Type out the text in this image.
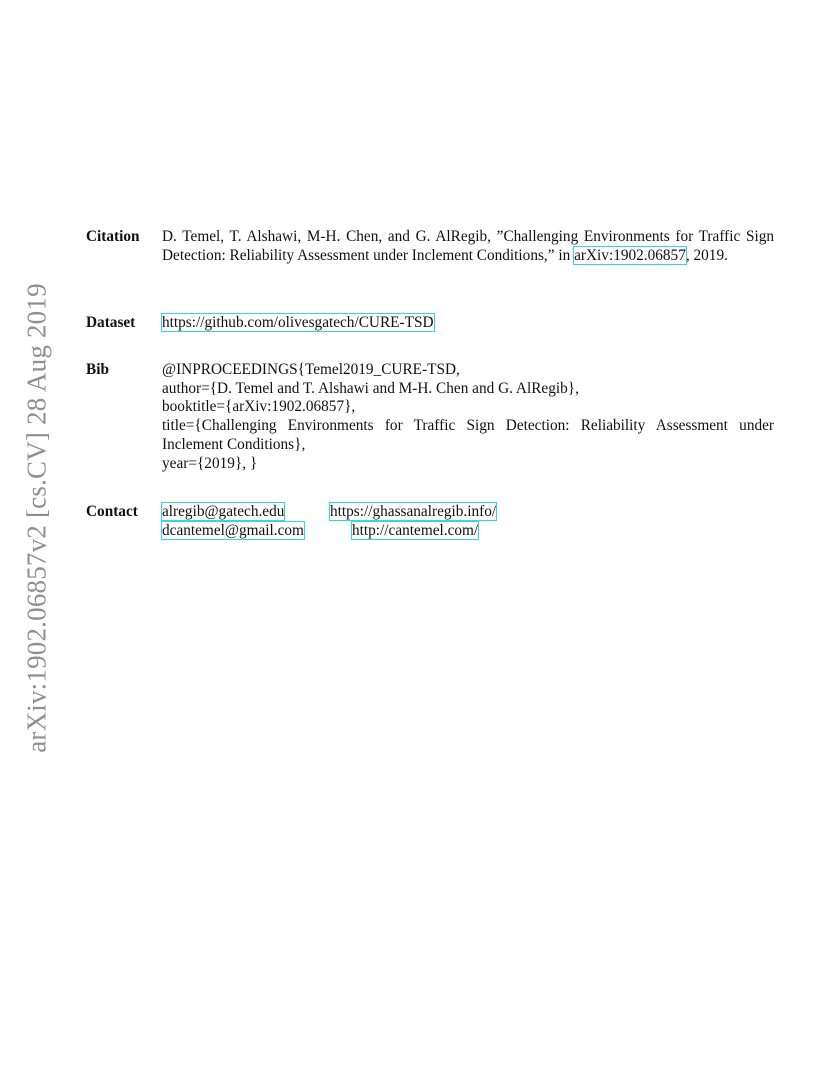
arXiv:1902.06857v2 [cs.CV] 28 Aug 2019
Citation D. Temel, T. Alshawi, M-H. Chen, and G. AlRegib, ”Challenging Environments for Traffic Sign Detection: Reliability Assessment under Inclement Conditions,” in arXiv:1902.06857, 2019.
Dataset https://github.com/olivesgatech/CURE-TSD
Bib	@INPROCEEDINGS{Temel2019_CURE-TSD,
author={D. Temel and T. Alshawi and M-H. Chen and G. AlRegib},
booktitle={arXiv:1902.06857},
title={Challenging Environments for Traffic Sign Detection: Reliability Assessment under
Inclement Conditions},
year={2019}, }
Contact alregib@gatech.edu	https://ghassanalregib.info/
dcantemel@gmail.com	http://cantemel.com/
